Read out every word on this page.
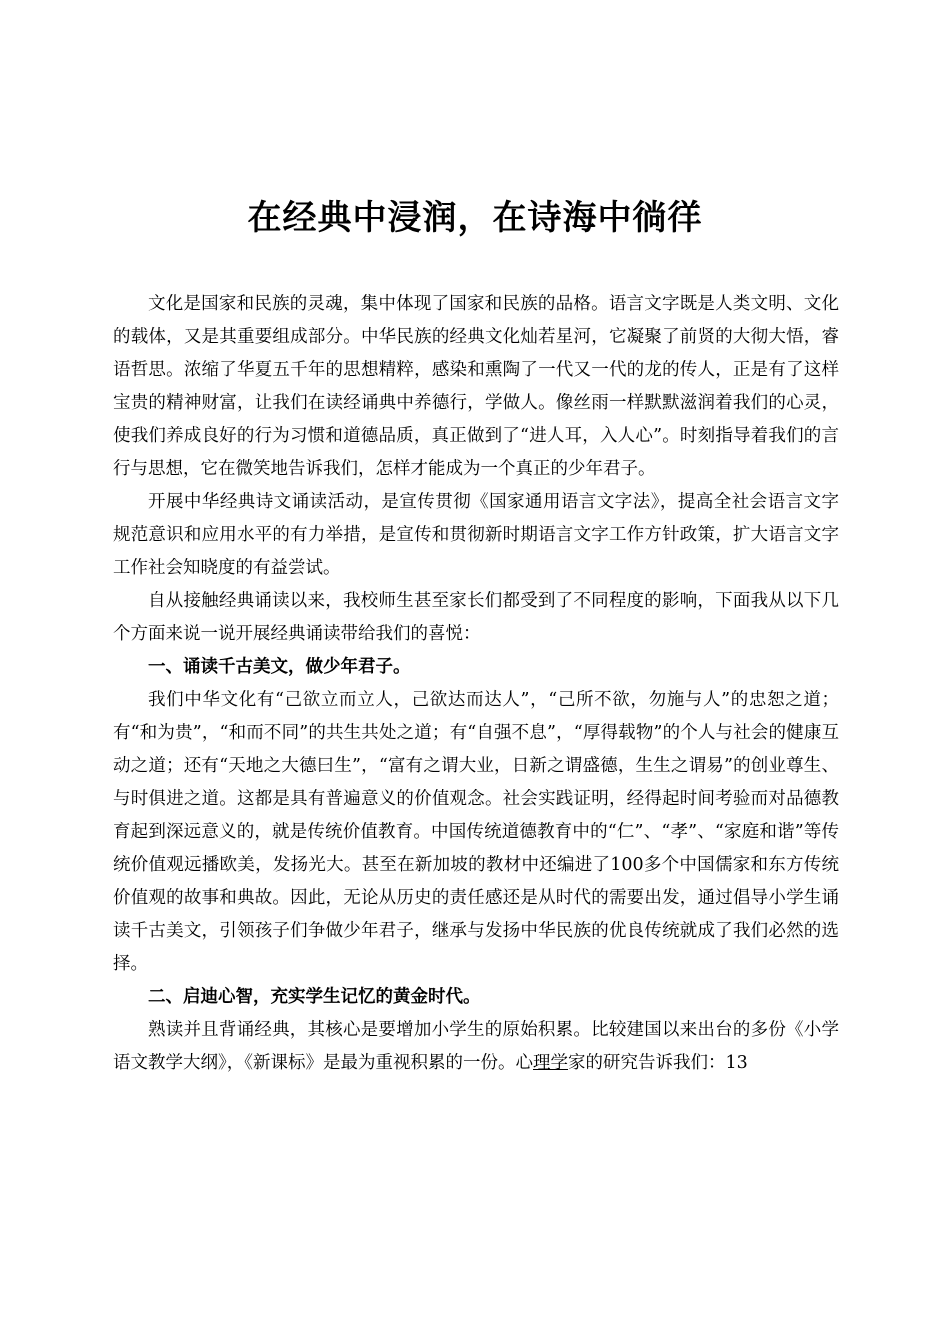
在经典中浸润，在诗海中徜徉

文化是国家和民族的灵魂，集中体现了国家和民族的品格。语言文字既是人类文明、文化的载体，又是其重要组成部分。中华民族的经典文化灿若星河，它凝聚了前贤的大彻大悟，睿语哲思。浓缩了华夏五千年的思想精粹，感染和熏陶了一代又一代的龙的传人，正是有了这样宝贵的精神财富，让我们在读经诵典中养德行，学做人。像丝雨一样默默滋润着我们的心灵，使我们养成良好的行为习惯和道德品质，真正做到了“进人耳，入人心”。时刻指导着我们的言行与思想，它在微笑地告诉我们，怎样才能成为一个真正的少年君子。

开展中华经典诗文诵读活动，是宣传贯彻《国家通用语言文字法》，提高全社会语言文字规范意识和应用水平的有力举措，是宣传和贯彻新时期语言文字工作方针政策，扩大语言文字工作社会知晓度的有益尝试。

自从接触经典诵读以来，我校师生甚至家长们都受到了不同程度的影响，下面我从以下几个方面来说一说开展经典诵读带给我们的喜悦：

一、诵读千古美文，做少年君子。

我们中华文化有“己欲立而立人，己欲达而达人”，“己所不欲，勿施与人”的忠恕之道；有“和为贵”，“和而不同”的共生共处之道；有“自强不息”，“厚得载物”的个人与社会的健康互动之道；还有“天地之大德曰生”，“富有之谓大业，日新之谓盛德，生生之谓易”的创业尊生、与时俱进之道。这都是具有普遍意义的价值观念。社会实践证明，经得起时间考验而对品德教育起到深远意义的，就是传统价值教育。中国传统道德教育中的“仁”、“孝”、“家庭和谐”等传统价值观远播欧美，发扬光大。甚至在新加坡的教材中还编进了100多个中国儒家和东方传统价值观的故事和典故。因此，无论从历史的责任感还是从时代的需要出发，通过倡导小学生诵读千古美文，引领孩子们争做少年君子，继承与发扬中华民族的优良传统就成了我们必然的选择。

二、启迪心智，充实学生记忆的黄金时代。

熟读并且背诵经典，其核心是要增加小学生的原始积累。比较建国以来出台的多份《小学语文教学大纲》，《新课标》是最为重视积累的一份。心理学家的研究告诉我们：13
